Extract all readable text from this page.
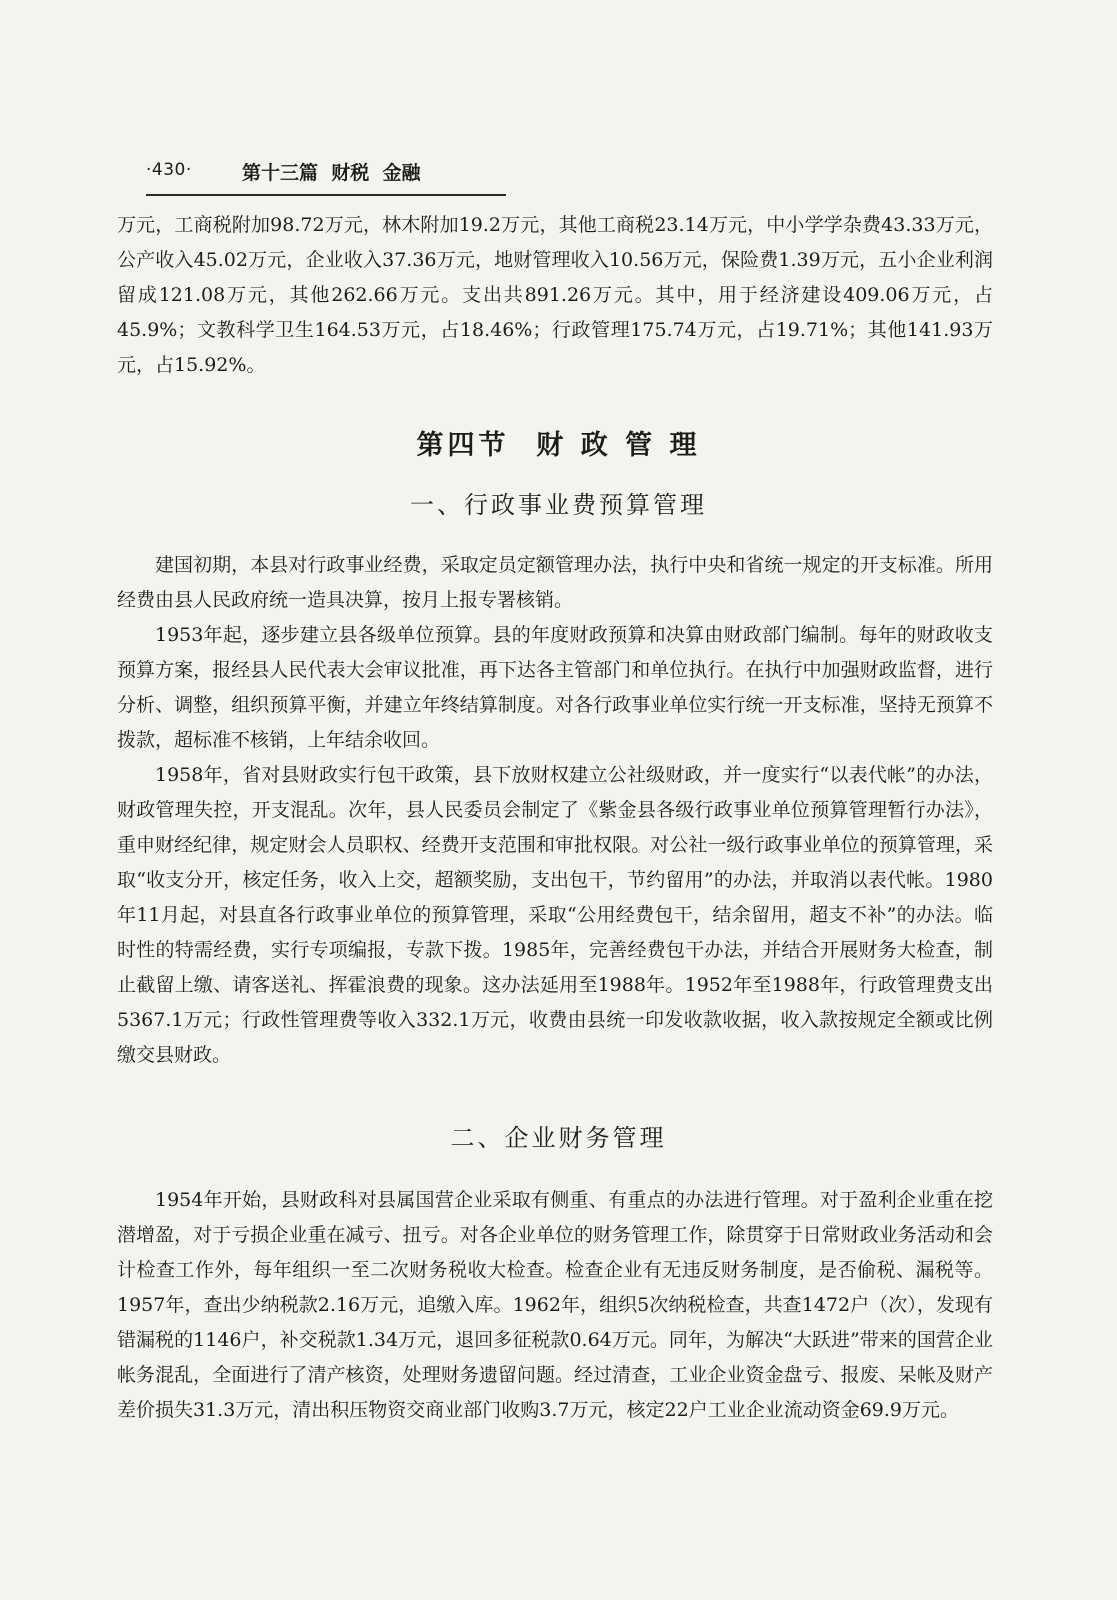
·430·	第十三篇  财税  金融

万元，工商税附加98.72万元，林木附加19.2万元，其他工商税23.14万元，中小学学杂费43.33万元，公产收入45.02万元，企业收入37.36万元，地财管理收入10.56万元，保险费1.39万元，五小企业利润留成121.08万元，其他262.66万元。支出共891.26万元。其中，用于经济建设409.06万元，占45.9%；文教科学卫生164.53万元，占18.46%；行政管理175.74万元，占19.71%；其他141.93万元，占15.92%。

第四节  财 政 管 理
一、行政事业费预算管理

建国初期，本县对行政事业经费，采取定员定额管理办法，执行中央和省统一规定的开支标准。所用经费由县人民政府统一造具决算，按月上报专署核销。

1953年起，逐步建立县各级单位预算。县的年度财政预算和决算由财政部门编制。每年的财政收支预算方案，报经县人民代表大会审议批准，再下达各主管部门和单位执行。在执行中加强财政监督，进行分析、调整，组织预算平衡，并建立年终结算制度。对各行政事业单位实行统一开支标准，坚持无预算不拨款，超标准不核销，上年结余收回。

1958年，省对县财政实行包干政策，县下放财权建立公社级财政，并一度实行“以表代帐”的办法，财政管理失控，开支混乱。次年，县人民委员会制定了《紫金县各级行政事业单位预算管理暂行办法》，重申财经纪律，规定财会人员职权、经费开支范围和审批权限。对公社一级行政事业单位的预算管理，采取“收支分开，核定任务，收入上交，超额奖励，支出包干，节约留用”的办法，并取消以表代帐。1980年11月起，对县直各行政事业单位的预算管理，采取“公用经费包干，结余留用，超支不补”的办法。临时性的特需经费，实行专项编报，专款下拨。1985年，完善经费包干办法，并结合开展财务大检查，制止截留上缴、请客送礼、挥霍浪费的现象。这办法延用至1988年。1952年至1988年，行政管理费支出5367.1万元；行政性管理费等收入332.1万元，收费由县统一印发收款收据，收入款按规定全额或比例缴交县财政。

二、企业财务管理

1954年开始，县财政科对县属国营企业采取有侧重、有重点的办法进行管理。对于盈利企业重在挖潜增盈，对于亏损企业重在减亏、扭亏。对各企业单位的财务管理工作，除贯穿于日常财政业务活动和会计检查工作外，每年组织一至二次财务税收大检查。检查企业有无违反财务制度，是否偷税、漏税等。1957年，查出少纳税款2.16万元，追缴入库。1962年，组织5次纳税检查，共查1472户（次），发现有错漏税的1146户，补交税款1.34万元，退回多征税款0.64万元。同年，为解决“大跃进”带来的国营企业帐务混乱，全面进行了清产核资，处理财务遗留问题。经过清查，工业企业资金盘亏、报废、呆帐及财产差价损失31.3万元，清出积压物资交商业部门收购3.7万元，核定22户工业企业流动资金69.9万元。
